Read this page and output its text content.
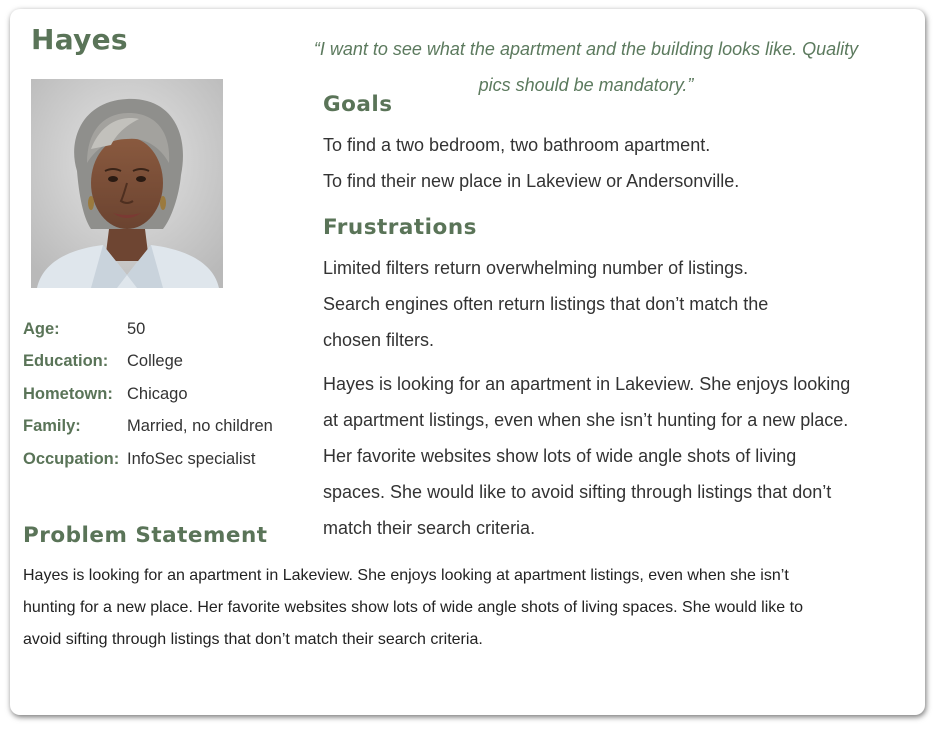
Hayes	“I want to see what the apartment and the building looks like. Quality
pics should be mandatory.”

Age:	50
Education:	College
Hometown: Chicago
Family:	Married, no children
Occupation: InfoSec specialist
Goals
To find a two bedroom, two bathroom apartment.
To find their new place in Lakeview or Andersonville.
Frustrations
Limited filters return overwhelming number of listings.
Search engines often return listings that don’t match the
chosen filters.
Hayes is looking for an apartment in Lakeview. She enjoys looking
at apartment listings, even when she isn’t hunting for a new place.
Her favorite websites show lots of wide angle shots of living
spaces. She would like to avoid sifting through listings that don’t
match their search criteria.
Problem Statement
Hayes is looking for an apartment in Lakeview. She enjoys looking at apartment listings, even when she isn’t
hunting for a new place. Her favorite websites show lots of wide angle shots of living spaces. She would like to
avoid sifting through listings that don’t match their search criteria.
